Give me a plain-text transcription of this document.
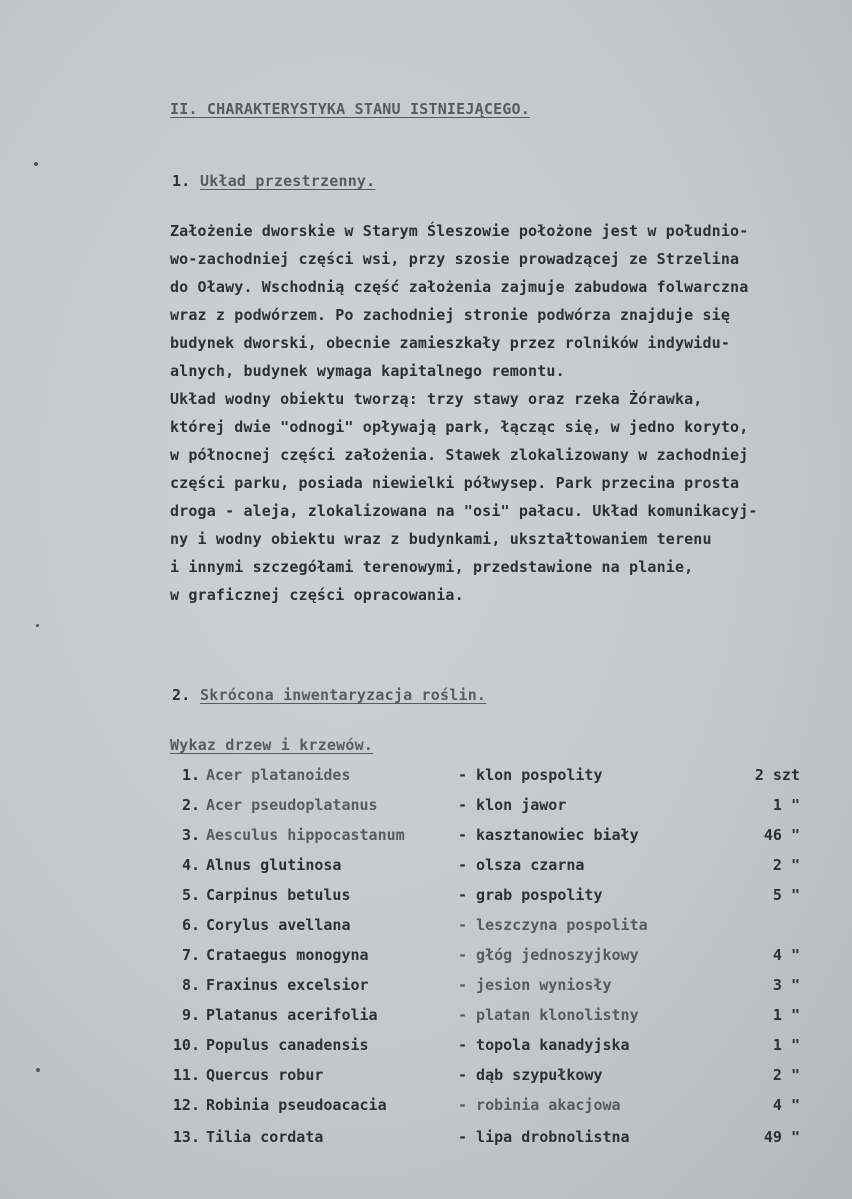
II. CHARAKTERYSTYKA STANU ISTNIEJĄCEGO.
1. Układ przestrzenny.
Założenie dworskie w Starym Śleszowie położone jest w południo-
wo-zachodniej części wsi, przy szosie prowadzącej ze Strzelina
do Oławy. Wschodnią część założenia zajmuje zabudowa folwarczna
wraz z podwórzem. Po zachodniej stronie podwórza znajduje się
budynek dworski, obecnie zamieszkały przez rolników indywidu-
alnych, budynek wymaga kapitalnego remontu.
Układ wodny obiektu tworzą: trzy stawy oraz rzeka Żórawka,
której dwie "odnogi" opływają park, łącząc się, w jedno koryto,
w północnej części założenia. Stawek zlokalizowany w zachodniej
części parku, posiada niewielki półwysep. Park przecina prosta
droga - aleja, zlokalizowana na "osi" pałacu. Układ komunikacyj-
ny i wodny obiektu wraz z budynkami, ukształtowaniem terenu
i innymi szczegółami terenowymi, przedstawione na planie,
w graficznej części opracowania.
2. Skrócona inwentaryzacja roślin.
Wykaz drzew i krzewów.
1. Acer platanoides	- klon pospolity	2 szt
2. Acer pseudoplatanus	- klon jawor	1 "
3. Aesculus hippocastanum	- kasztanowiec biały	46 "
4. Alnus glutinosa	- olsza czarna	2 "
5. Carpinus betulus	- grab pospolity	5 "
6. Corylus avellana	- leszczyna pospolita
7. Crataegus monogyna	- głóg jednoszyjkowy	4 "
8. Fraxinus excelsior	- jesion wyniosły	3 "
9. Platanus acerifolia	- platan klonolistny	1 "
10. Populus canadensis	- topola kanadyjska	1 "
11. Quercus robur	- dąb szypułkowy	2 "
12. Robinia pseudoacacia	- robinia akacjowa	4 "
13. Tilia cordata	- lipa drobnolistna	49 "
